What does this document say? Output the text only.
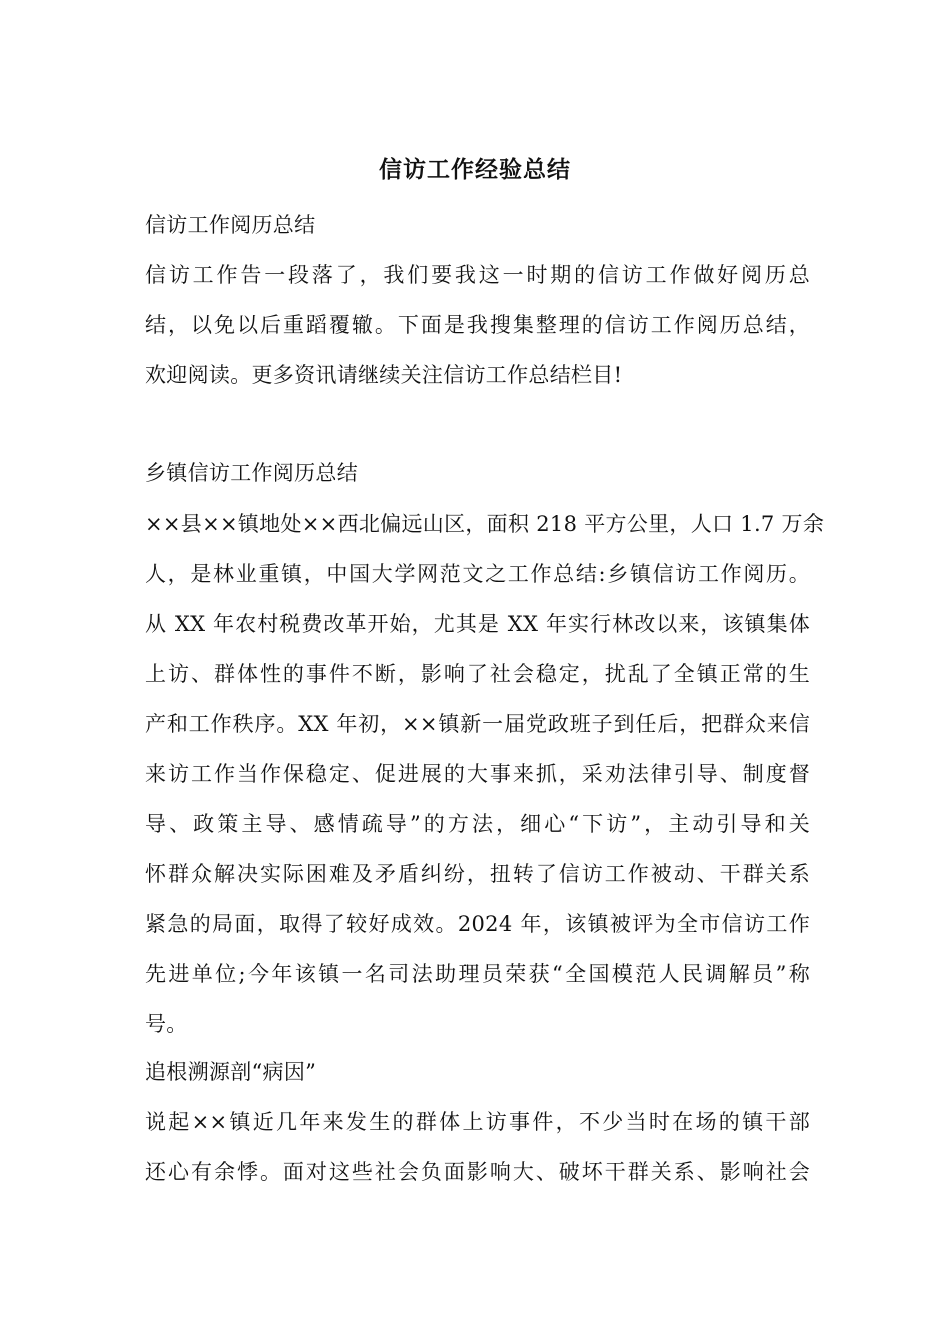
信访工作经验总结
信访工作阅历总结
信访工作告一段落了，我们要我这一时期的信访工作做好阅历总
结，以免以后重蹈覆辙。下面是我搜集整理的信访工作阅历总结，
欢迎阅读。更多资讯请继续关注信访工作总结栏目!
乡镇信访工作阅历总结
××县××镇地处××西北偏远山区，面积 218 平方公里，人口 1.7 万余
人，是林业重镇，中国大学网范文之工作总结:乡镇信访工作阅历。
从 XX 年农村税费改革开始，尤其是 XX 年实行林改以来，该镇集体
上访、群体性的事件不断，影响了社会稳定，扰乱了全镇正常的生
产和工作秩序。XX 年初，××镇新一届党政班子到任后，把群众来信
来访工作当作保稳定、促进展的大事来抓，采劝法律引导、制度督
导、政策主导、感情疏导”的方法，细心“下访”，主动引导和关
怀群众解决实际困难及矛盾纠纷，扭转了信访工作被动、干群关系
紧急的局面，取得了较好成效。2024 年，该镇被评为全市信访工作
先进单位;今年该镇一名司法助理员荣获“全国模范人民调解员”称
号。
追根溯源剖“病因”
说起××镇近几年来发生的群体上访事件，不少当时在场的镇干部
还心有余悸。面对这些社会负面影响大、破坏干群关系、影响社会
